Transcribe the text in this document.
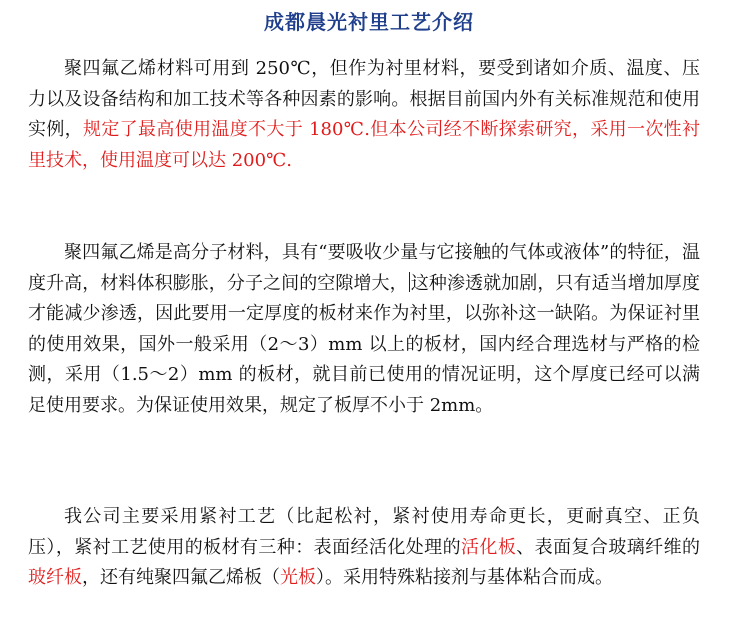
成都晨光衬里工艺介绍
聚四氟乙烯材料可用到 250℃，但作为衬里材料，要受到诸如介质、温度、压力以及设备结构和加工技术等各种因素的影响。根据目前国内外有关标准规范和使用实例，规定了最高使用温度不大于 180℃.但本公司经不断探索研究，采用一次性衬里技术，使用温度可以达 200℃.
聚四氟乙烯是高分子材料，具有“要吸收少量与它接触的气体或液体”的特征，温度升高，材料体积膨胀，分子之间的空隙增大， 这种渗透就加剧，只有适当增加厚度才能减少渗透，因此要用一定厚度的板材来作为衬里，以弥补这一缺陷。为保证衬里的使用效果，国外一般采用（2～3）mm 以上的板材，国内经合理选材与严格的检测，采用（1.5～2）mm 的板材，就目前已使用的情况证明，这个厚度已经可以满足使用要求。为保证使用效果，规定了板厚不小于 2mm。
我公司主要采用紧衬工艺（比起松衬，紧衬使用寿命更长，更耐真空、正负压），紧衬工艺使用的板材有三种：表面经活化处理的活化板、表面复合玻璃纤维的玻纤板，还有纯聚四氟乙烯板（光板）。采用特殊粘接剂与基体粘合而成。
